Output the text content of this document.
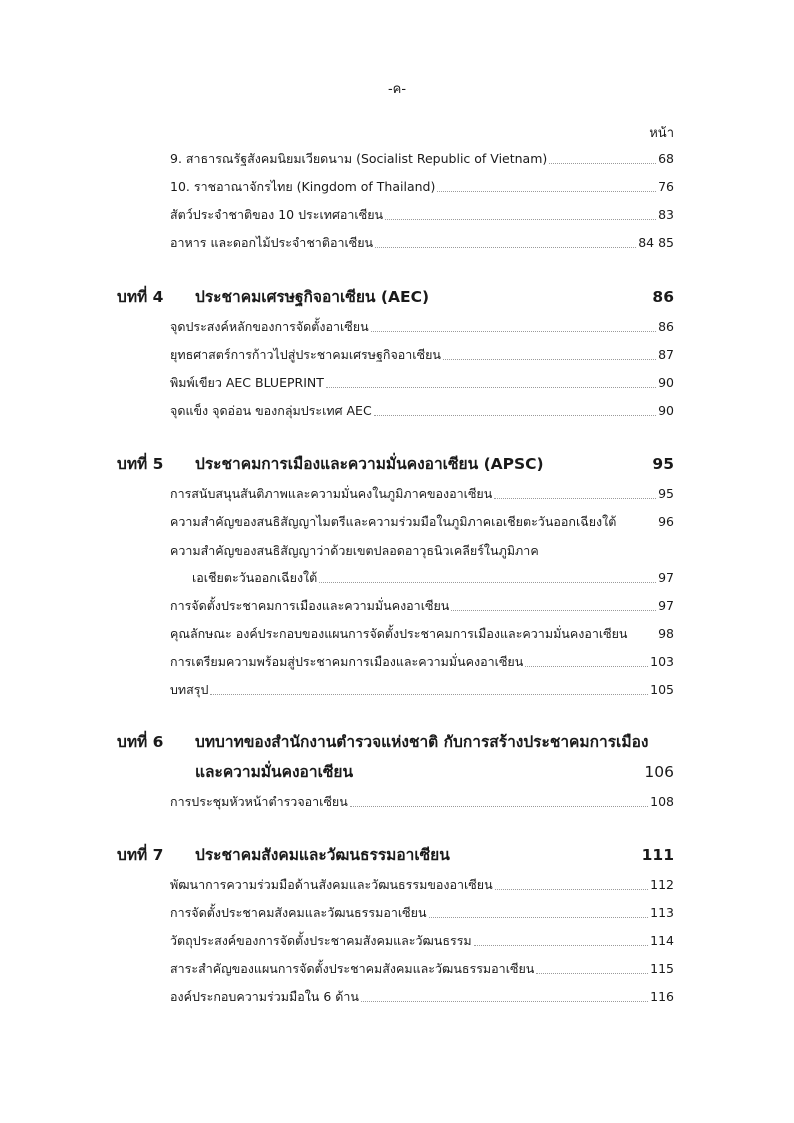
-ค-
หน้า
9. สาธารณรัฐสังคมนิยมเวียดนาม (Socialist Republic of Vietnam)	68
10. ราชอาณาจักรไทย (Kingdom of Thailand)	76
สัตว์ประจำชาติของ 10 ประเทศอาเซียน	83
อาหาร และดอกไม้ประจำชาติอาเซียน	84 85
บทที่ 4	ประชาคมเศรษฐกิจอาเซียน (AEC)	86
จุดประสงค์หลักของการจัดตั้งอาเซียน	86
ยุทธศาสตร์การก้าวไปสู่ประชาคมเศรษฐกิจอาเซียน	87
พิมพ์เขียว AEC BLUEPRINT	90
จุดแข็ง จุดอ่อน ของกลุ่มประเทศ AEC	90
บทที่ 5	ประชาคมการเมืองและความมั่นคงอาเซียน (APSC)	95
การสนับสนุนสันติภาพและความมั่นคงในภูมิภาคของอาเซียน	95
ความสำคัญของสนธิสัญญาไมตรีและความร่วมมือในภูมิภาคเอเชียตะวันออกเฉียงใต้	96
ความสำคัญของสนธิสัญญาว่าด้วยเขตปลอดอาวุธนิวเคลียร์ในภูมิภาค
เอเชียตะวันออกเฉียงใต้	97
การจัดตั้งประชาคมการเมืองและความมั่นคงอาเซียน	97
คุณลักษณะ องค์ประกอบของแผนการจัดตั้งประชาคมการเมืองและความมั่นคงอาเซียน 98
การเตรียมความพร้อมสู่ประชาคมการเมืองและความมั่นคงอาเซียน	103
บทสรุป	105
บทที่ 6	บทบาทของสำนักงานตำรวจแห่งชาติ กับการสร้างประชาคมการเมือง
และความมั่นคงอาเซียน	106
การประชุมหัวหน้าตำรวจอาเซียน	108
บทที่ 7	ประชาคมสังคมและวัฒนธรรมอาเซียน	111
พัฒนาการความร่วมมือด้านสังคมและวัฒนธรรมของอาเซียน	112
การจัดตั้งประชาคมสังคมและวัฒนธรรมอาเซียน	113
วัตถุประสงค์ของการจัดตั้งประชาคมสังคมและวัฒนธรรม	114
สาระสำคัญของแผนการจัดตั้งประชาคมสังคมและวัฒนธรรมอาเซียน	115
องค์ประกอบความร่วมมือใน 6 ด้าน	116
